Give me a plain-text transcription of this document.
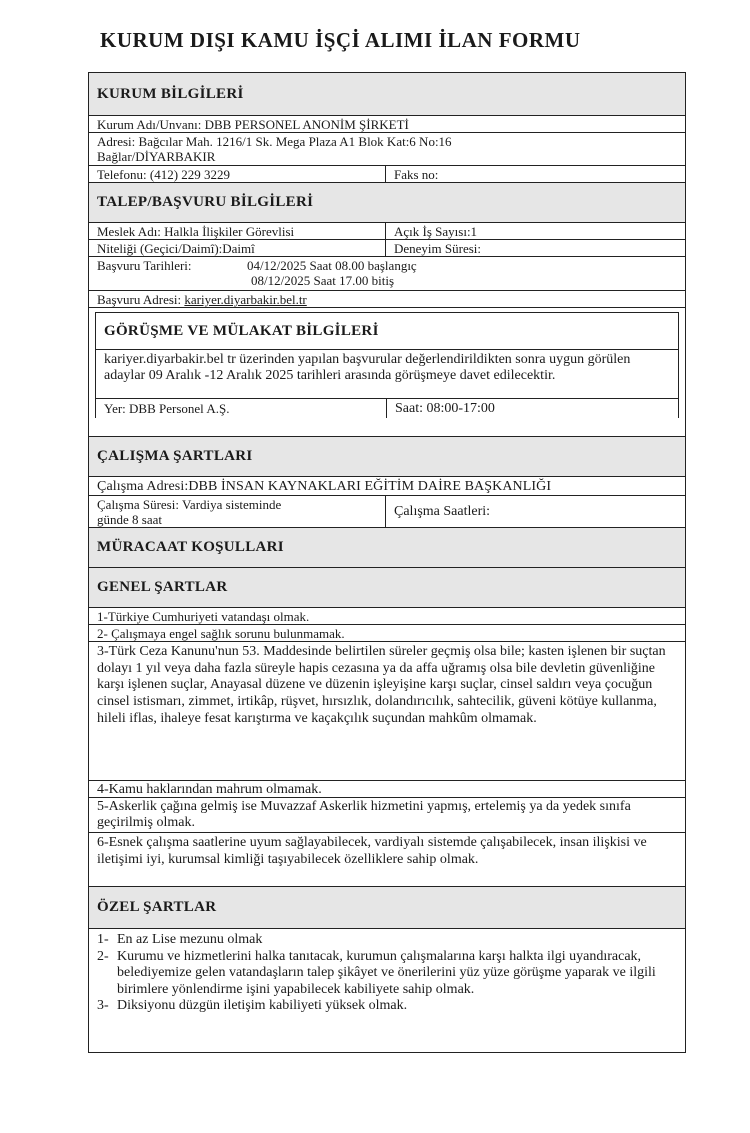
KURUM DIŞI KAMU İŞÇİ ALIMI İLAN FORMU
KURUM BİLGİLERİ
Kurum Adı/Unvanı: DBB PERSONEL ANONİM ŞİRKETİ
Adresi: Bağcılar Mah. 1216/1 Sk. Mega Plaza A1 Blok Kat:6 No:16
Bağlar/DİYARBAKIR
Telefonu: (412) 229 3229	Faks no:
TALEP/BAŞVURU BİLGİLERİ
Meslek Adı: Halkla İlişkiler Görevlisi	Açık İş Sayısı:1
Niteliği (Geçici/Daimî):Daimî	Deneyim Süresi:
Başvuru Tarihleri:	04/12/2025 Saat 08.00 başlangıç
08/12/2025 Saat 17.00 bitiş
Başvuru Adresi: kariyer.diyarbakir.bel.tr
GÖRÜŞME VE MÜLAKAT BİLGİLERİ
kariyer.diyarbakir.bel tr üzerinden yapılan başvurular değerlendirildikten sonra uygun görülen adaylar 09 Aralık -12 Aralık 2025 tarihleri arasında görüşmeye davet edilecektir.
Yer: DBB Personel A.Ş.	Saat: 08:00-17:00
ÇALIŞMA ŞARTLARI
Çalışma Adresi:DBB İNSAN KAYNAKLARI EĞİTİM DAİRE BAŞKANLIĞI
Çalışma Süresi: Vardiya sisteminde
günde 8 saat
Çalışma Saatleri:
MÜRACAAT KOŞULLARI
GENEL ŞARTLAR
1-Türkiye Cumhuriyeti vatandaşı olmak.
2- Çalışmaya engel sağlık sorunu bulunmamak.
3-Türk Ceza Kanunu'nun 53. Maddesinde belirtilen süreler geçmiş olsa bile; kasten işlenen bir suçtan dolayı 1 yıl veya daha fazla süreyle hapis cezasına ya da affa uğramış olsa bile devletin güvenliğine karşı işlenen suçlar, Anayasal düzene ve düzenin işleyişine karşı suçlar, cinsel saldırı veya çocuğun cinsel istismarı, zimmet, irtikâp, rüşvet, hırsızlık, dolandırıcılık, sahtecilik, güveni kötüye kullanma, hileli iflas, ihaleye fesat karıştırma ve kaçakçılık suçundan mahkûm olmamak.
4-Kamu haklarından mahrum olmamak.
5-Askerlik çağına gelmiş ise Muvazzaf Askerlik hizmetini yapmış, ertelemiş ya da yedek sınıfa geçirilmiş olmak.
6-Esnek çalışma saatlerine uyum sağlayabilecek, vardiyalı sistemde çalışabilecek, insan ilişkisi ve iletişimi iyi, kurumsal kimliği taşıyabilecek özelliklere sahip olmak.
ÖZEL ŞARTLAR
1- En az Lise mezunu olmak
2- Kurumu ve hizmetlerini halka tanıtacak, kurumun çalışmalarına karşı halkta ilgi uyandıracak, belediyemize gelen vatandaşların talep şikâyet ve önerilerini yüz yüze görüşme yaparak ve ilgili birimlere yönlendirme işini yapabilecek kabiliyete sahip olmak.
3- Diksiyonu düzgün iletişim kabiliyeti yüksek olmak.
